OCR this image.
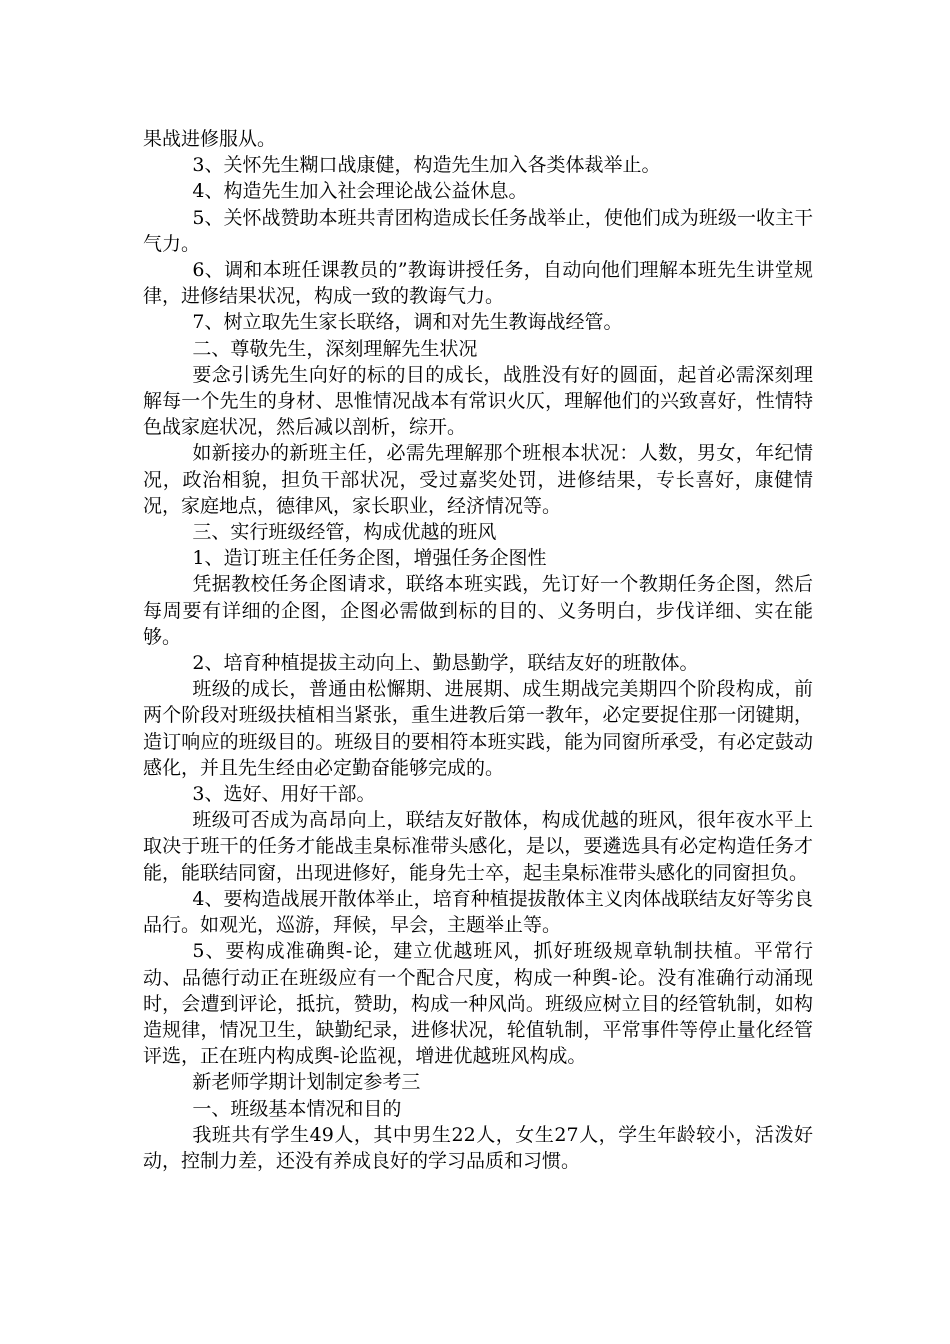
果战进修服从。

3、关怀先生糊口战康健，构造先生加入各类体裁举止。

4、构造先生加入社会理论战公益休息。

5、关怀战赞助本班共青团构造成长任务战举止，使他们成为班级一收主干气力。

6、调和本班任课教员的”教诲讲授任务，自动向他们理解本班先生讲堂规律，进修结果状况，构成一致的教诲气力。

7、树立取先生家长联络，调和对先生教诲战经管。

二、尊敬先生，深刻理解先生状况

要念引诱先生向好的标的目的成长，战胜没有好的圆面，起首必需深刻理解每一个先生的身材、思惟情况战本有常识火仄，理解他们的兴致喜好，性情特色战家庭状况，然后减以剖析，综开。

如新接办的新班主任，必需先理解那个班根本状况：人数，男女，年纪情况，政治相貌，担负干部状况，受过嘉奖处罚，进修结果，专长喜好，康健情况，家庭地点，德律风，家长职业，经济情况等。

三、实行班级经管，构成优越的班风

1、造订班主任任务企图，增强任务企图性

凭据教校任务企图请求，联络本班实践，先订好一个教期任务企图，然后每周要有详细的企图，企图必需做到标的目的、义务明白，步伐详细、实在能够。

2、培育种植提拔主动向上、勤恳勤学，联结友好的班散体。

班级的成长，普通由松懈期、进展期、成生期战完美期四个阶段构成，前两个阶段对班级扶植相当紧张，重生进教后第一教年，必定要捉住那一闭键期，造订响应的班级目的。班级目的要相符本班实践，能为同窗所承受，有必定鼓动感化，并且先生经由必定勤奋能够完成的。

3、选好、用好干部。

班级可否成为高昂向上，联结友好散体，构成优越的班风，很年夜水平上取决于班干的任务才能战圭臬标准带头感化，是以，要遴选具有必定构造任务才能，能联结同窗，出现进修好，能身先士卒，起圭臬标准带头感化的同窗担负。

4、要构造战展开散体举止，培育种植提拔散体主义肉体战联结友好等劣良品行。如观光，巡游，拜候，早会，主题举止等。

5、要构成准确舆-论，建立优越班风，抓好班级规章轨制扶植。平常行动、品德行动正在班级应有一个配合尺度，构成一种舆-论。没有准确行动涌现时，会遭到评论，抵抗，赞助，构成一种风尚。班级应树立目的经管轨制，如构造规律，情况卫生，缺勤纪录，进修状况，轮值轨制，平常事件等停止量化经管评选，正在班内构成舆-论监视，增进优越班风构成。

新老师学期计划制定参考三

一、班级基本情况和目的

我班共有学生49人，其中男生22人，女生27人，学生年龄较小，活泼好动，控制力差，还没有养成良好的学习品质和习惯。
